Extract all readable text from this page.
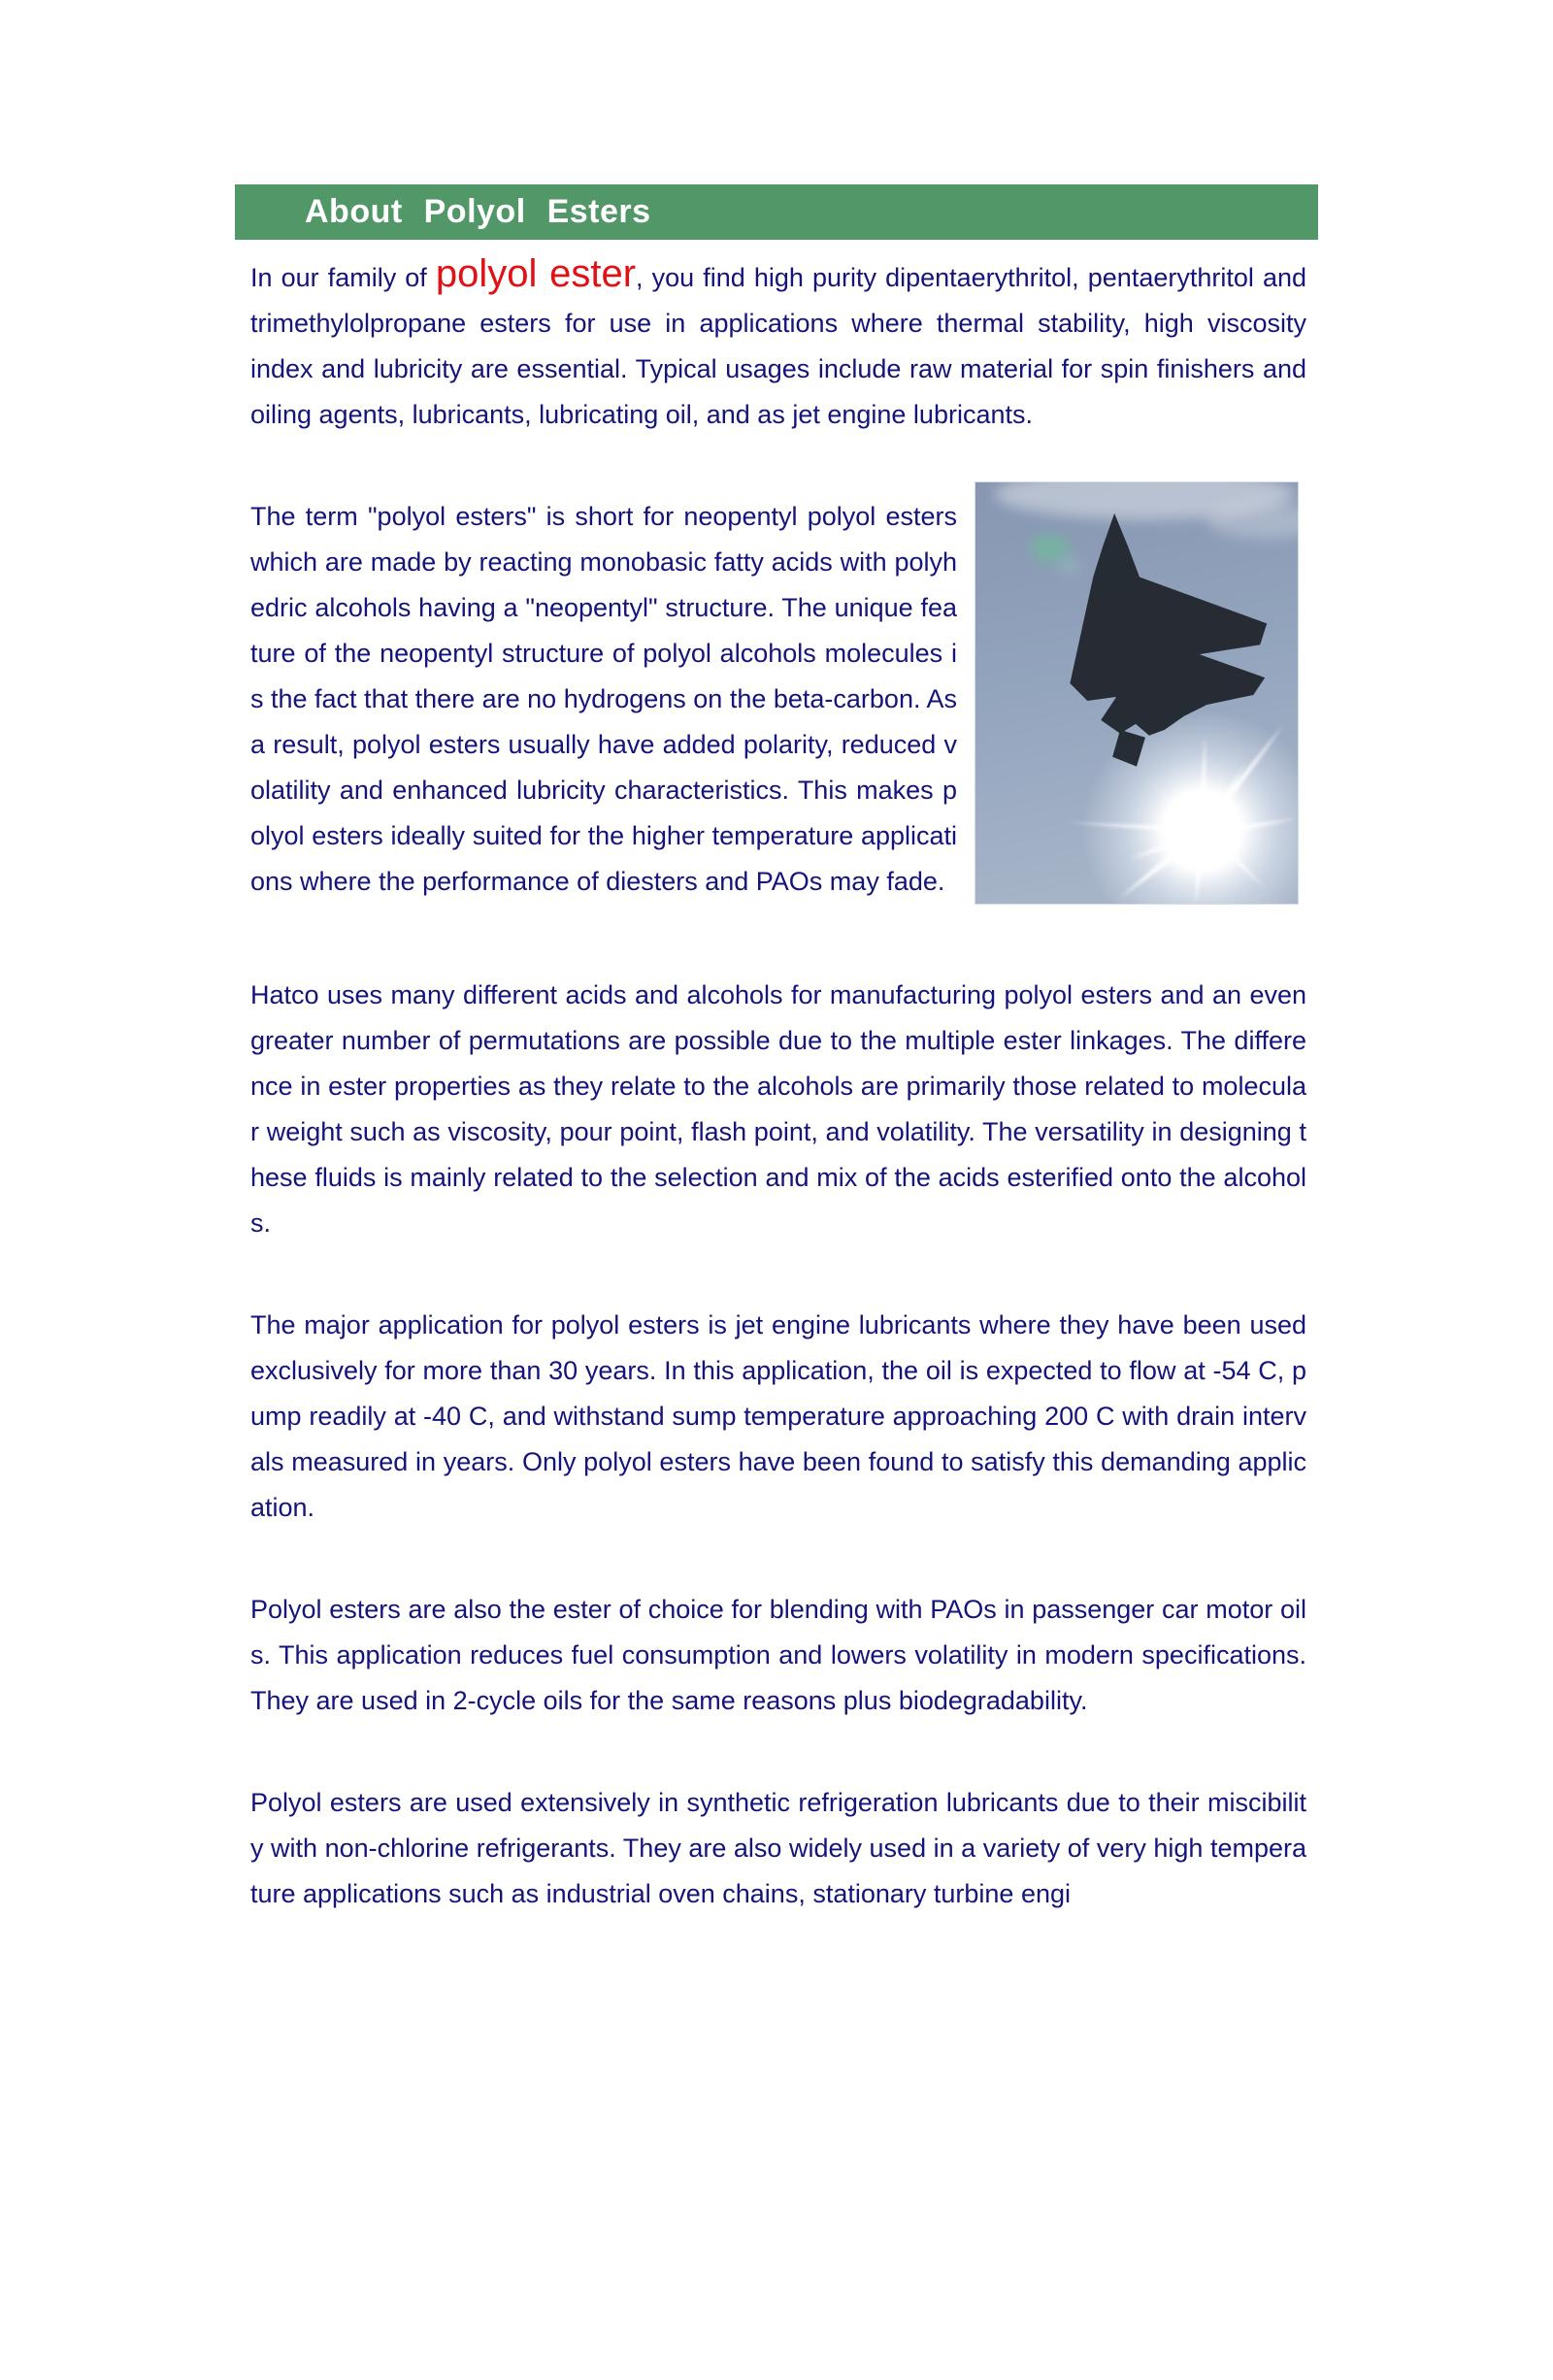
About Polyol Esters

In our family of polyol ester, you find high purity dipentaerythritol, pentaerythritol and trimethylolpropane esters for use in applications where thermal stability, high viscosity index and lubricity are essential. Typical usages include raw material for spin finishers and oiling agents, lubricants, lubricating oil, and as jet engine lubricants.

The term "polyol esters" is short for neopentyl polyol esters which are made by reacting monobasic fatty acids with polyhedric alcohols having a "neopentyl" structure. The unique feature of the neopentyl structure of polyol alcohols molecules is the fact that there are no hydrogens on the beta-carbon. As a result, polyol esters usually have added polarity, reduced volatility and enhanced lubricity characteristics. This makes polyol esters ideally suited for the higher temperature applications where the performance of diesters and PAOs may fade.

Hatco uses many different acids and alcohols for manufacturing polyol esters and an even greater number of permutations are possible due to the multiple ester linkages. The difference in ester properties as they relate to the alcohols are primarily those related to molecular weight such as viscosity, pour point, flash point, and volatility. The versatility in designing these fluids is mainly related to the selection and mix of the acids esterified onto the alcohols.

The major application for polyol esters is jet engine lubricants where they have been used exclusively for more than 30 years. In this application, the oil is expected to flow at -54 C, pump readily at -40 C, and withstand sump temperature approaching 200 C with drain intervals measured in years. Only polyol esters have been found to satisfy this demanding application.

Polyol esters are also the ester of choice for blending with PAOs in passenger car motor oils. This application reduces fuel consumption and lowers volatility in modern specifications. They are used in 2-cycle oils for the same reasons plus biodegradability.

Polyol esters are used extensively in synthetic refrigeration lubricants due to their miscibility with non-chlorine refrigerants. They are also widely used in a variety of very high temperature applications such as industrial oven chains, stationary turbine engi
